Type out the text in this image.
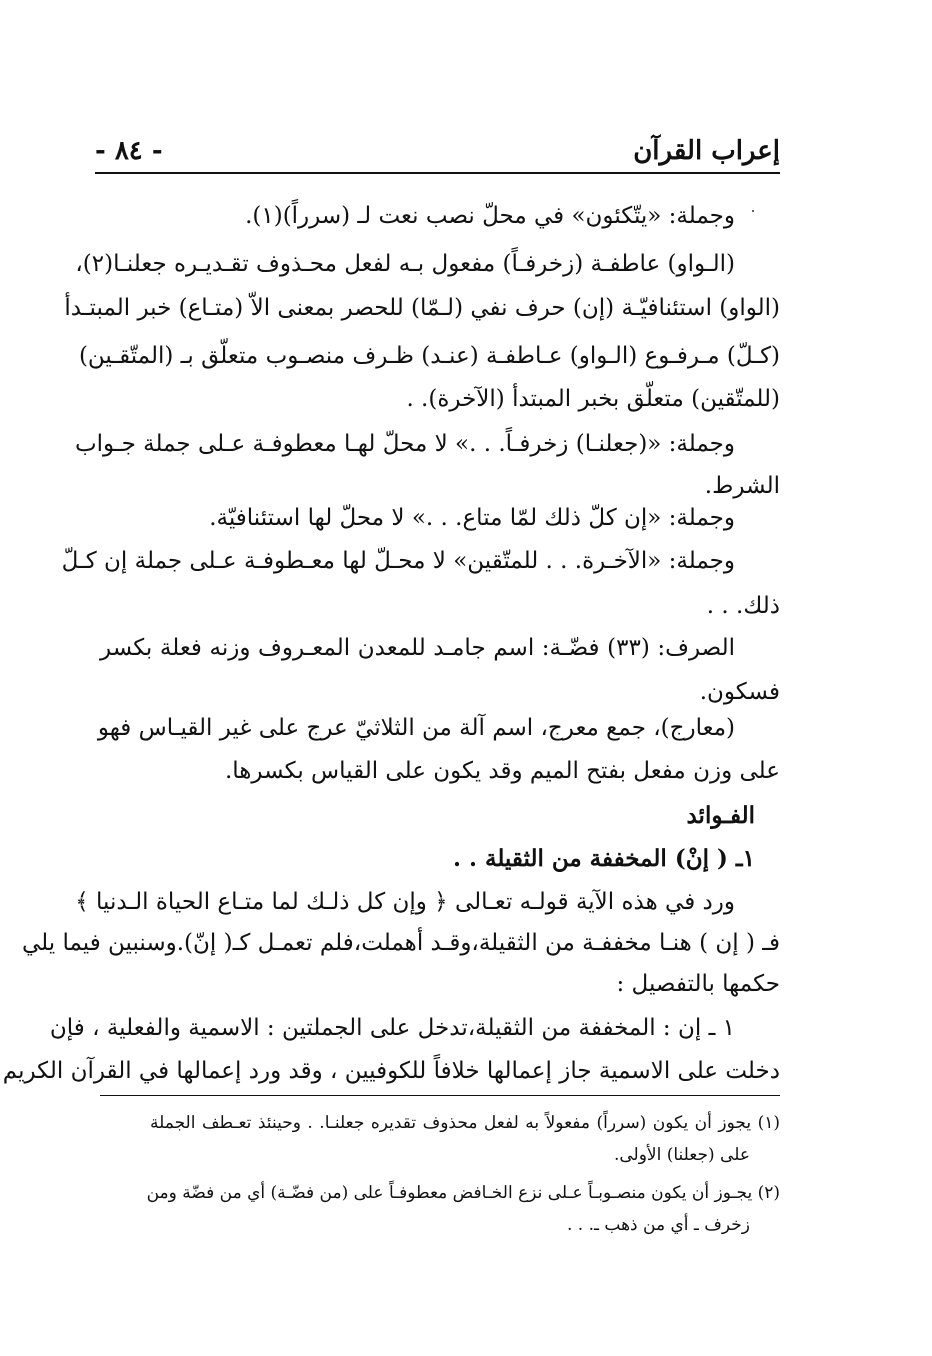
إعراب القرآن
- ٨٤ -
وجملة: «يتّكئون» في محلّ نصب نعت لـ (سرراً)(١).
(الـواو) عاطفـة (زخرفـاً) مفعول بـه لفعل محـذوف تقـديـره جعلنـا(٢)،
(الواو) استئنافيّـة (إن) حرف نفي (لـمّا) للحصر بمعنى الاّ (متـاع) خبر المبتـدأ
(كـلّ) مـرفـوع (الـواو) عـاطفـة (عنـد) ظـرف منصـوب متعلّق بـ (المتّقـين)
(للمتّقين) متعلّق بخبر المبتدأ (الآخرة). .
وجملة: «(جعلنـا) زخرفـاً. . .» لا محلّ لهـا معطوفـة عـلى جملة جـواب
الشرط.
وجملة: «إن كلّ ذلك لمّا متاع. . .» لا محلّ لها استئنافيّة.
وجملة: «الآخـرة. . . للمتّقين» لا محـلّ لها معـطوفـة عـلى جملة إن كـلّ
ذلك. . .
الصرف: (٣٣) فضّـة: اسم جامـد للمعدن المعـروف وزنه فعلة بكسر
فسكون.
(معارج)، جمع معرج، اسم آلة من الثلاثيّ عرج على غير القيـاس فهو
على وزن مفعل بفتح الميم وقد يكون على القياس بكسرها.
الفـوائد
١ـ ( إنْ) المخففة من الثقيلة . .
ورد في هذه الآية قولـه تعـالى ﴿ وإن كل ذلـك لما متـاع الحياة الـدنيا ﴾
فـ ( إن ) هنـا مخففـة من الثقيلة،وقـد أهملت،فلم تعمـل كـ( إنّ).وسنبين فيما يلي
حكمها بالتفصيل :
١ ـ إن : المخففة من الثقيلة،تدخل على الجملتين : الاسمية والفعلية ، فإن
دخلت على الاسمية جاز إعمالها خلافاً للكوفيين ، وقد ورد إعمالها في القرآن الكريم
(١) يجوز أن يكون (سرراً) مفعولاً به لفعل محذوف تقديره جعلنـا. . وحينئذ تعـطف الجملة
على (جعلنا) الأولى.
(٢) يجـوز أن يكون منصـوبـاً عـلى نزع الخـافض معطوفـاً على (من فضّـة) أي من فضّة ومن
زخرف ـ أي من ذهب ـ. . .
